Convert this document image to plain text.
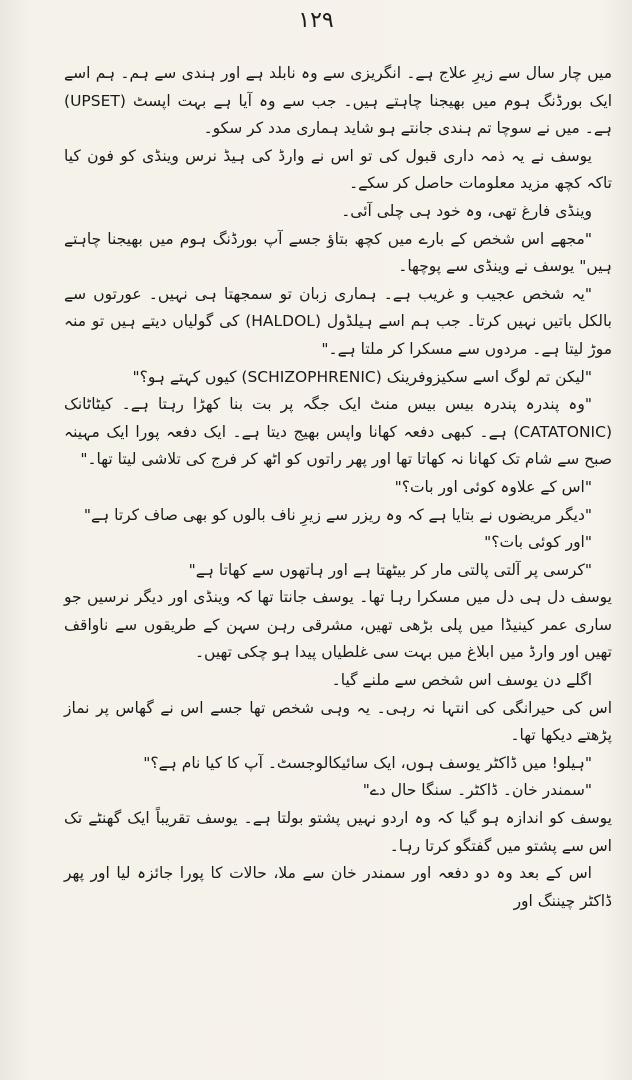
۱۲۹

میں چار سال سے زیرِ علاج ہے۔ انگریزی سے وہ نابلد ہے اور ہندی سے ہم۔ ہم اسے ایک بورڈنگ ہوم میں بھیجنا چاہتے ہیں۔ جب سے وہ آیا ہے بہت اپسٹ (UPSET) ہے۔ میں نے سوچا تم ہندی جانتے ہو شاید ہماری مدد کر سکو۔

یوسف نے یہ ذمہ داری قبول کی تو اس نے وارڈ کی ہیڈ نرس وینڈی کو فون کیا تاکہ کچھ مزید معلومات حاصل کر سکے۔

وینڈی فارغ تھی، وہ خود ہی چلی آئی۔

"مجھے اس شخص کے بارے میں کچھ بتاؤ جسے آپ بورڈنگ ہوم میں بھیجنا چاہتے ہیں" یوسف نے وینڈی سے پوچھا۔

"یہ شخص عجیب و غریب ہے۔ ہماری زبان تو سمجھتا ہی نہیں۔ عورتوں سے بالکل باتیں نہیں کرتا۔ جب ہم اسے ہیلڈول (HALDOL) کی گولیاں دیتے ہیں تو منہ موڑ لیتا ہے۔ مردوں سے مسکرا کر ملتا ہے۔"

"لیکن تم لوگ اسے سکیزوفرینک (SCHIZOPHRENIC) کیوں کہتے ہو؟"

"وہ پندرہ پندرہ بیس بیس منٹ ایک جگہ پر بت بنا کھڑا رہتا ہے۔ کیٹاٹانک (CATATONIC) ہے۔ کبھی دفعہ کھانا واپس بھیج دیتا ہے۔ ایک دفعہ پورا ایک مہینہ صبح سے شام تک کھانا نہ کھاتا تھا اور پھر راتوں کو اٹھ کر فرج کی تلاشی لیتا تھا۔"

"اس کے علاوہ کوئی اور بات؟"

"دیگر مریضوں نے بتایا ہے کہ وہ ریزر سے زیرِ ناف بالوں کو بھی صاف کرتا ہے"

"اور کوئی بات؟"

"کرسی پر آلتی پالتی مار کر بیٹھتا ہے اور ہاتھوں سے کھاتا ہے"

یوسف دل ہی دل میں مسکرا رہا تھا۔ یوسف جانتا تھا کہ وینڈی اور دیگر نرسیں جو ساری عمر کینیڈا میں پلی بڑھی تھیں، مشرقی رہن سہن کے طریقوں سے ناواقف تھیں اور وارڈ میں ابلاغ میں بہت سی غلطیاں پیدا ہو چکی تھیں۔

اگلے دن یوسف اس شخص سے ملنے گیا۔

اس کی حیرانگی کی انتہا نہ رہی۔ یہ وہی شخص تھا جسے اس نے گھاس پر نماز پڑھتے دیکھا تھا۔

"ہیلو! میں ڈاکٹر یوسف ہوں، ایک سائیکالوجسٹ۔ آپ کا کیا نام ہے؟"

"سمندر خان۔ ڈاکٹر۔ سنگا حال دے"

یوسف کو اندازہ ہو گیا کہ وہ اردو نہیں پشتو بولتا ہے۔ یوسف تقریباً ایک گھنٹے تک اس سے پشتو میں گفتگو کرتا رہا۔

اس کے بعد وہ دو دفعہ اور سمندر خان سے ملا، حالات کا پورا جائزہ لیا اور پھر ڈاکٹر چیننگ اور
